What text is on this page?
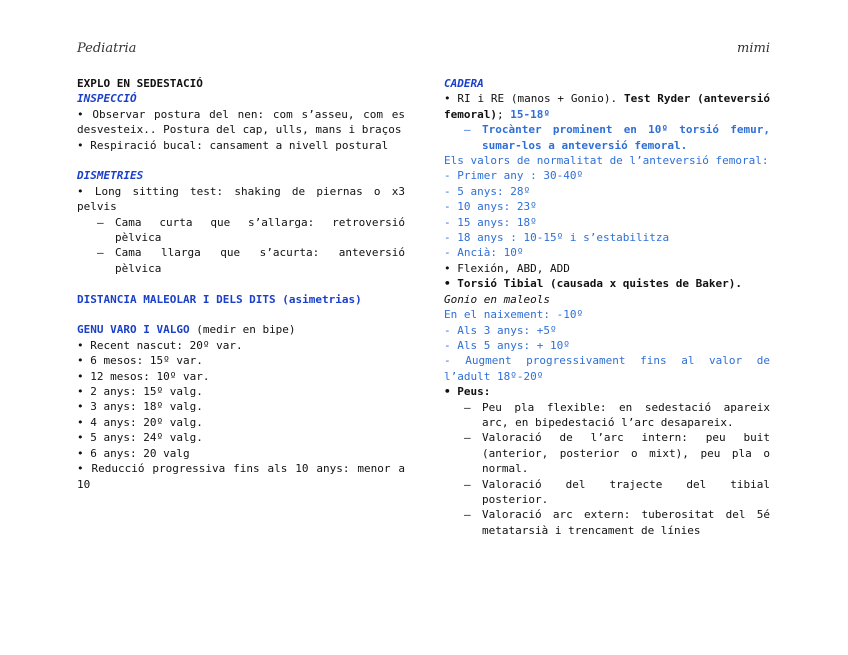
Pediatria	mimi
EXPLO EN SEDESTACIÓ
INSPECCIÓ
• Observar postura del nen: com s’asseu, com es desvesteix.. Postura del cap, ulls, mans i braços
• Respiració bucal: cansament a nivell postural
DISMETRIES
• Long sitting test: shaking de piernas o x3 pelvis
– Cama curta que s’allarga: retroversió pèlvica
– Cama llarga que s’acurta: anteversió pèlvica
DISTANCIA MALEOLAR I DELS DITS (asimetrias)
GENU VARO I VALGO (medir en bipe)
• Recent nascut: 20º var.
• 6 mesos: 15º var.
• 12 mesos: 10º var.
• 2 anys: 15º valg.
• 3 anys: 18º valg.
• 4 anys: 20º valg.
• 5 anys: 24º valg.
• 6 anys: 20 valg
• Reducció progressiva fins als 10 anys: menor a 10
CADERA
• RI i RE (manos + Gonio). Test Ryder (anteversió femoral); 15-18º
– Trocànter prominent en 10º torsió femur, sumar-los a anteversió femoral.
Els valors de normalitat de l’anteversió femoral:
- Primer any : 30-40º
- 5 anys: 28º
- 10 anys: 23º
- 15 anys: 18º
- 18 anys : 10-15º i s’estabilitza
- Ancià: 10º
• Flexión, ABD, ADD
• Torsió Tibial (causada x quistes de Baker).
Gonio en maleols
En el naixement: -10º
- Als 3 anys: +5º
- Als 5 anys: + 10º
- Augment progressivament fins al valor de l’adult 18º-20º
• Peus:
– Peu pla flexible: en sedestació apareix arc, en bipedestació l’arc desapareix.
– Valoració de l’arc intern: peu buit (anterior, posterior o mixt), peu pla o normal.
– Valoració del trajecte del tibial posterior.
– Valoració arc extern: tuberositat del 5é metatarsià i trencament de línies
